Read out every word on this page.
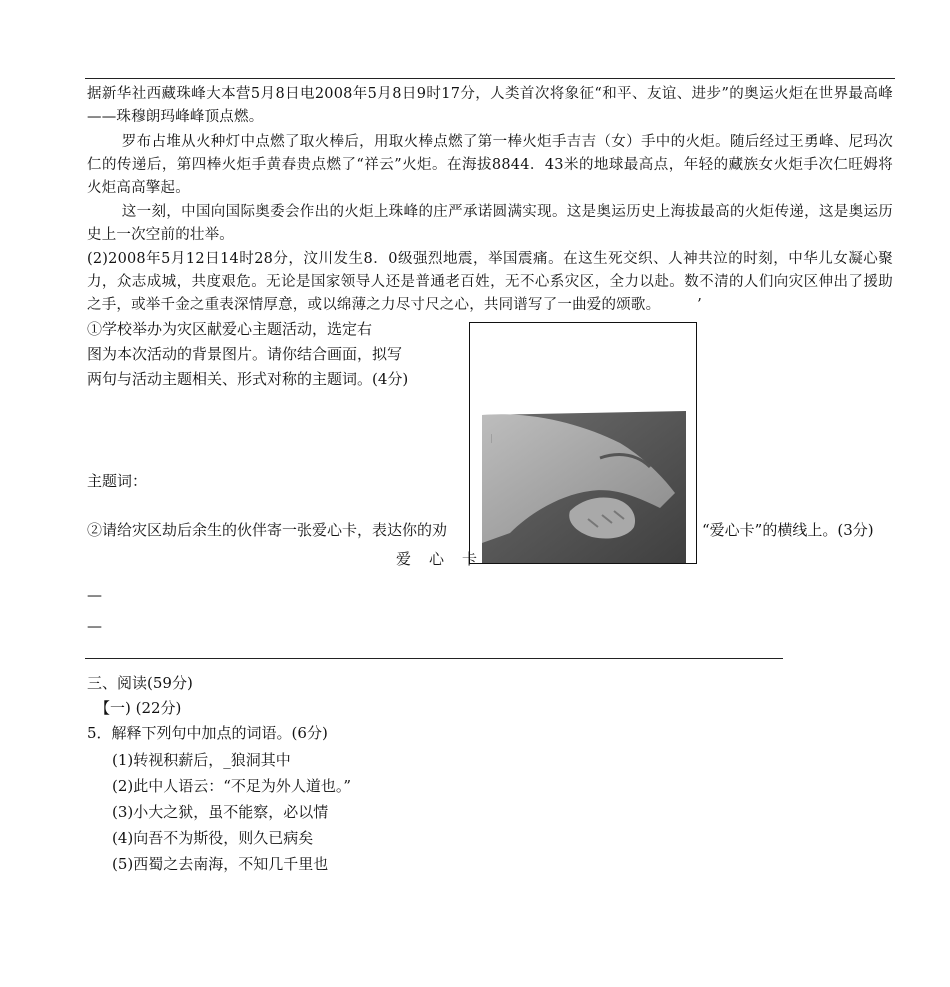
据新华社西藏珠峰大本营5月8日电2008年5月8日9时17分，人类首次将象征“和平、友谊、进步”的奥运火炬在世界最高峰——珠穆朗玛峰峰顶点燃。
罗布占堆从火种灯中点燃了取火棒后，用取火棒点燃了第一棒火炬手吉吉（女）手中的火炬。随后经过王勇峰、尼玛次仁的传递后，第四棒火炬手黄春贵点燃了“祥云”火炬。在海拔8844．43米的地球最高点，年轻的藏族女火炬手次仁旺姆将火炬高高擎起。
这一刻，中国向国际奥委会作出的火炬上珠峰的庄严承诺圆满实现。这是奥运历史上海拔最高的火炬传递，这是奥运历史上一次空前的壮举。
(2)2008年5月12日14时28分，汶川发生8．0级强烈地震，举国震痛。在这生死交织、人神共泣的时刻，中华儿女凝心聚力，众志成城，共度艰危。无论是国家领导人还是普通老百姓，无不心系灾区，全力以赴。数不清的人们向灾区伸出了援助之手，或举千金之重表深情厚意，或以绵薄之力尽寸尺之心，共同谱写了一曲爱的颂歌。　　　’
①学校举办为灾区献爱心主题活动，选定右
图为本次活动的背景图片。请你结合画面，拟写
两句与活动主题相关、形式对称的主题词。(4分)
主题词：
|
②请给灾区劫后余生的伙伴寄一张爱心卡，表达你的劝	“爱心卡”的横线上。(3分)
爱心卡
—
—
三、阅读(59分)
【一) (22分)
5．解释下列句中加点的词语。(6分)
(1)转视积薪后，_狼洞其中
(2)此中人语云：“不足为外人道也。”
(3)小大之狱，虽不能察，必以情
(4)向吾不为斯役，则久已病矣
(5)西蜀之去南海，不知几千里也
